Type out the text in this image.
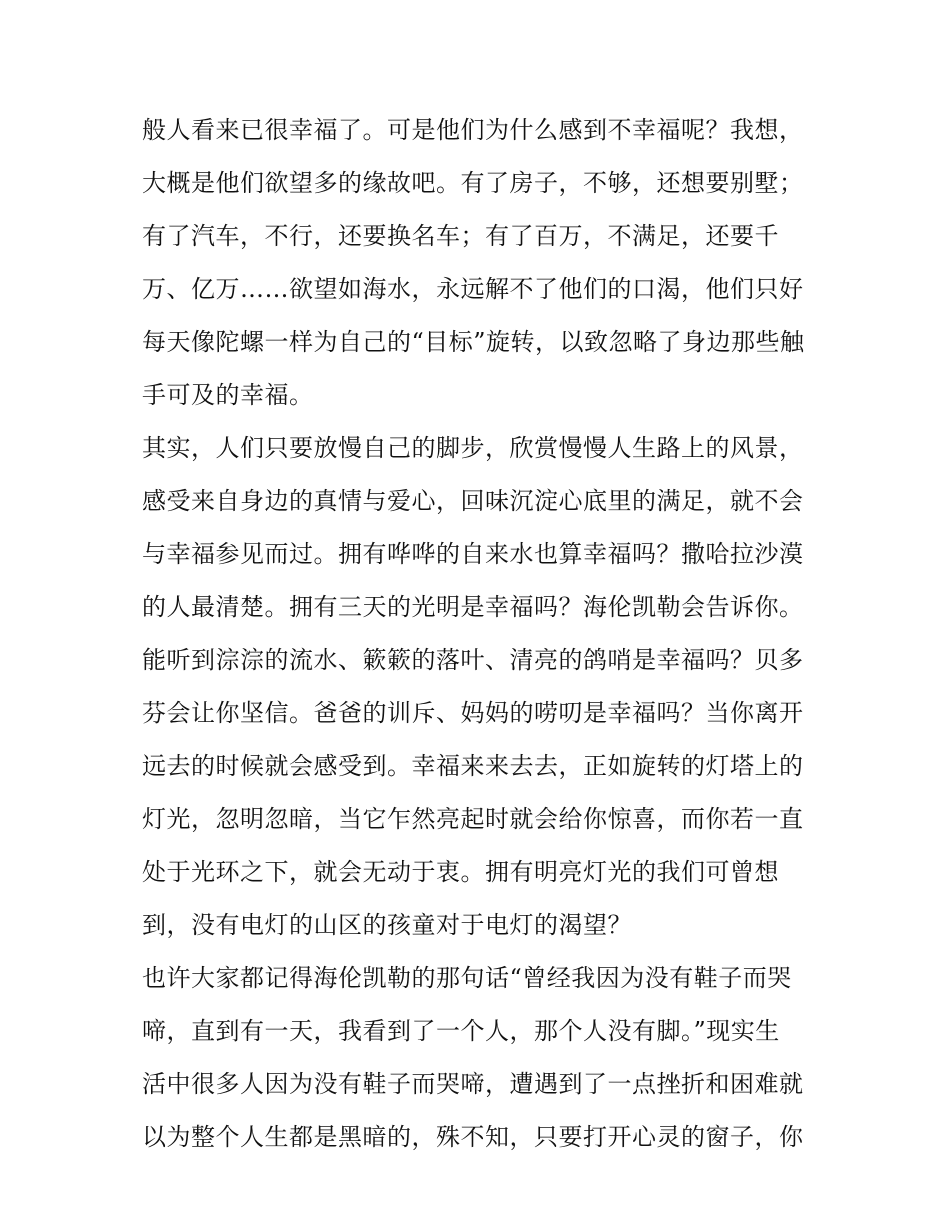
般人看来已很幸福了。可是他们为什么感到不幸福呢？我想，
大概是他们欲望多的缘故吧。有了房子，不够，还想要别墅；
有了汽车，不行，还要换名车；有了百万，不满足，还要千
万、亿万……欲望如海水，永远解不了他们的口渴，他们只好
每天像陀螺一样为自己的“目标”旋转，以致忽略了身边那些触
手可及的幸福。
其实，人们只要放慢自己的脚步，欣赏慢慢人生路上的风景，
感受来自身边的真情与爱心，回味沉淀心底里的满足，就不会
与幸福参见而过。拥有哗哗的自来水也算幸福吗？撒哈拉沙漠
的人最清楚。拥有三天的光明是幸福吗？海伦凯勒会告诉你。
能听到淙淙的流水、簌簌的落叶、清亮的鸽哨是幸福吗？贝多
芬会让你坚信。爸爸的训斥、妈妈的唠叨是幸福吗？当你离开
远去的时候就会感受到。幸福来来去去，正如旋转的灯塔上的
灯光，忽明忽暗，当它乍然亮起时就会给你惊喜，而你若一直
处于光环之下，就会无动于衷。拥有明亮灯光的我们可曾想
到，没有电灯的山区的孩童对于电灯的渴望？
也许大家都记得海伦凯勒的那句话“曾经我因为没有鞋子而哭
啼，直到有一天，我看到了一个人，那个人没有脚。”现实生
活中很多人因为没有鞋子而哭啼，遭遇到了一点挫折和困难就
以为整个人生都是黑暗的，殊不知，只要打开心灵的窗子，你
